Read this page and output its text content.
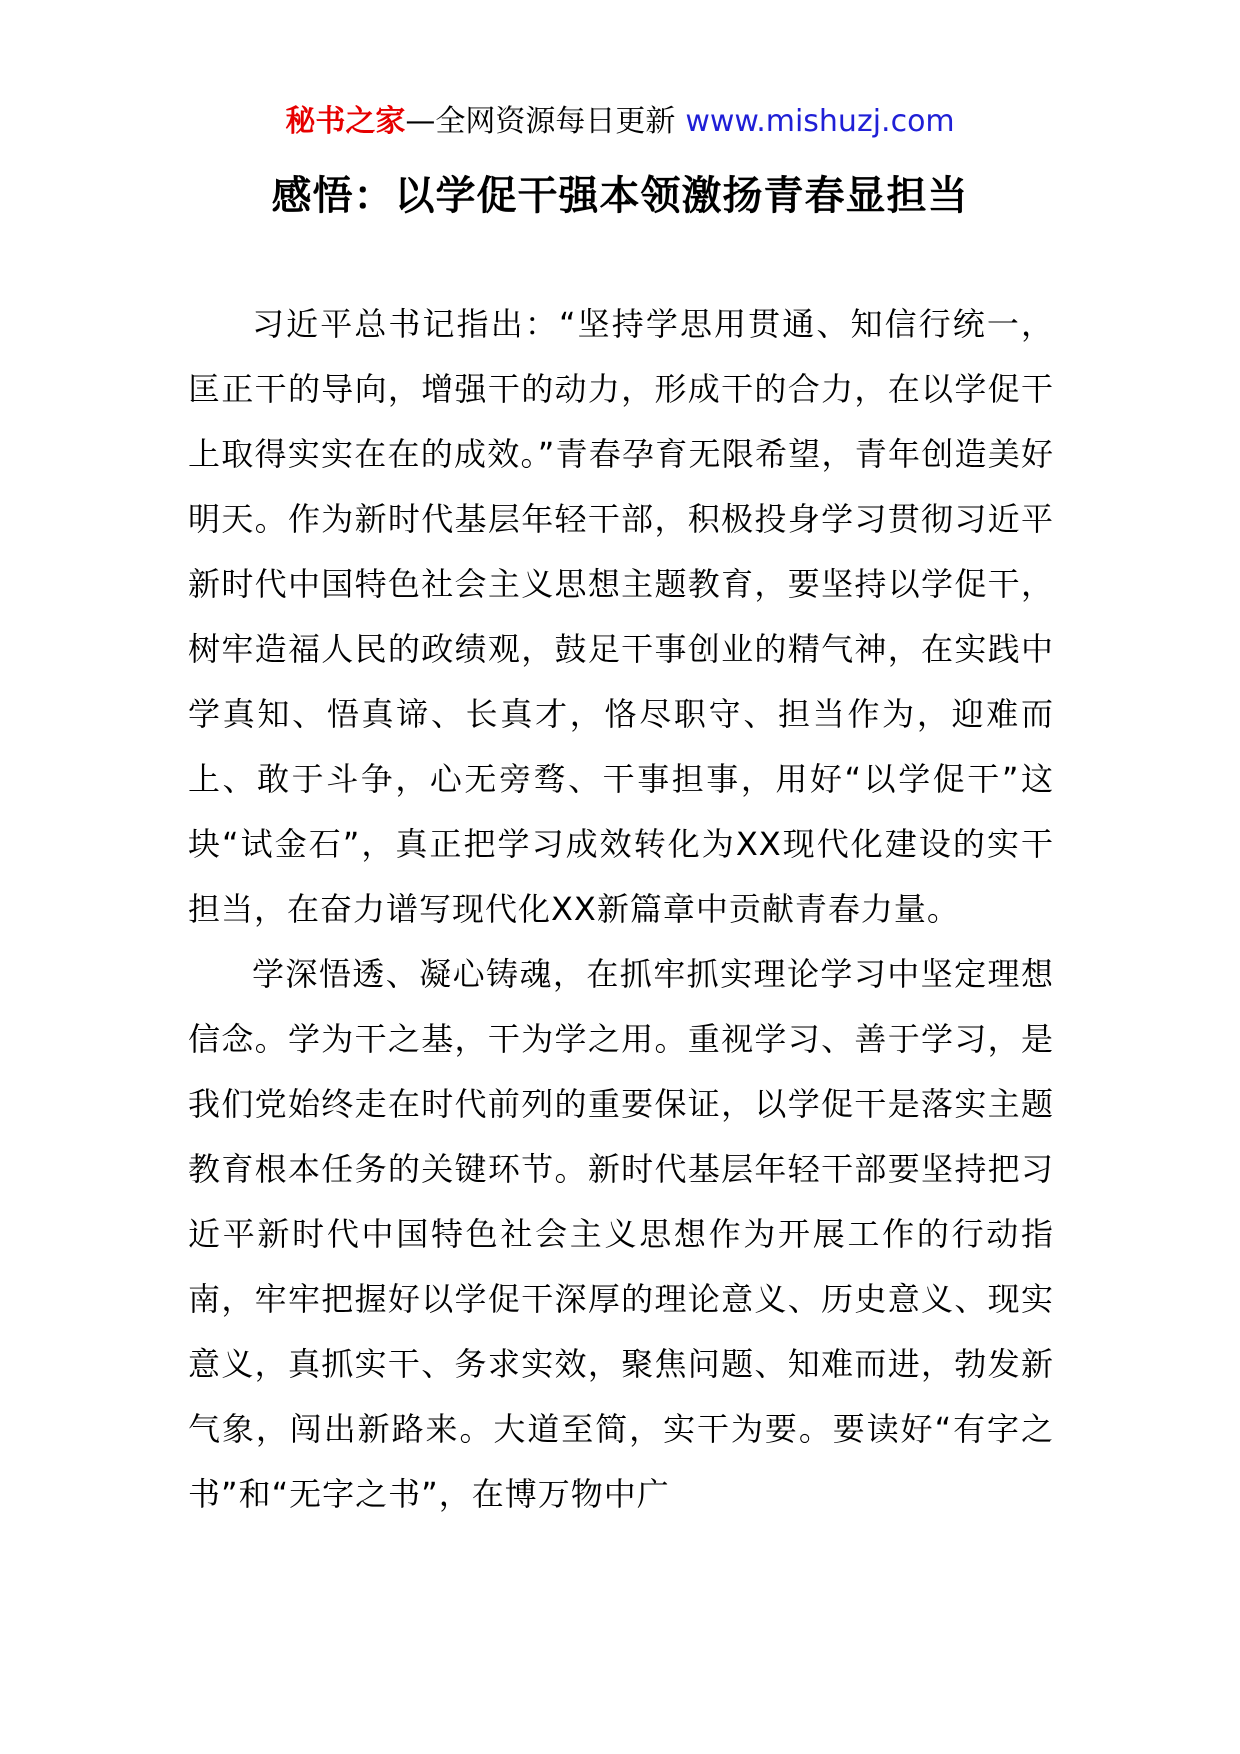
秘书之家—全网资源每日更新 www.mishuzj.com
感悟：以学促干强本领激扬青春显担当

习近平总书记指出：“坚持学思用贯通、知信行统一，匡正干的导向，增强干的动力，形成干的合力，在以学促干上取得实实在在的成效。”青春孕育无限希望，青年创造美好明天。作为新时代基层年轻干部，积极投身学习贯彻习近平新时代中国特色社会主义思想主题教育，要坚持以学促干，树牢造福人民的政绩观，鼓足干事创业的精气神，在实践中学真知、悟真谛、长真才，恪尽职守、担当作为，迎难而上、敢于斗争，心无旁骛、干事担事，用好“以学促干”这块“试金石”，真正把学习成效转化为XX现代化建设的实干担当，在奋力谱写现代化XX新篇章中贡献青春力量。

学深悟透、凝心铸魂，在抓牢抓实理论学习中坚定理想信念。学为干之基，干为学之用。重视学习、善于学习，是我们党始终走在时代前列的重要保证，以学促干是落实主题教育根本任务的关键环节。新时代基层年轻干部要坚持把习近平新时代中国特色社会主义思想作为开展工作的行动指南，牢牢把握好以学促干深厚的理论意义、历史意义、现实意义，真抓实干、务求实效，聚焦问题、知难而进，勃发新气象，闯出新路来。大道至简，实干为要。要读好“有字之书”和“无字之书”，在博万物中广
